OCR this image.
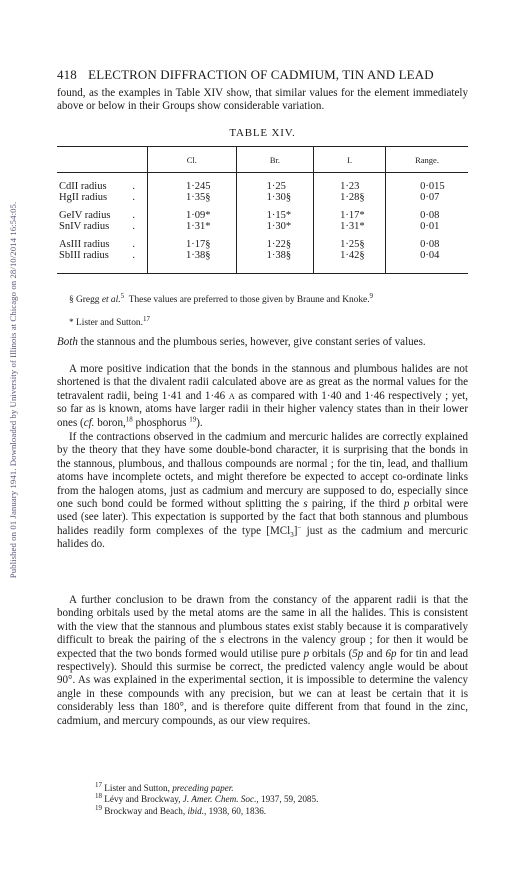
Published on 01 January 1941. Downloaded by University of Illinois at Chicago on 28/10/2014 16:54:05.
418 ELECTRON DIFFRACTION OF CADMIUM, TIN AND LEAD
found, as the examples in Table XIV show, that similar values for the element immediately above or below in their Groups show considerable variation.
TABLE XIV.
	Cl.	Br.	I.	Range.

CdII radius .	1·245	1·25	1·23	0·015
HgII radius .	1·35§	1·30§	1·28§	0·07

GeIV radius .	1·09*	1·15*	1·17*	0·08
SnIV radius .	1·31*	1·30*	1·31*	0·01

AsIII radius .	1·17§	1·22§	1·25§	0·08
SbIII radius .	1·38§	1·38§	1·42§	0·04

§ Gregg et al.$^5$ These values are preferred to those given by Braune and Knoke.$^9$
* Lister and Sutton.$^{17}$
Both the stannous and the plumbous series, however, give constant series of values.
A more positive indication that the bonds in the stannous and plumbous halides are not shortened is that the divalent radii calculated above are as great as the normal values for the tetravalent radii, being 1·41 and 1·46 A as compared with 1·40 and 1·46 respectively ; yet, so far as is known, atoms have larger radii in their higher valency states than in their lower ones (cf. boron,$^{18}$ phosphorus $^{19}$).
If the contractions observed in the cadmium and mercuric halides are correctly explained by the theory that they have some double-bond character, it is surprising that the bonds in the stannous, plumbous, and thallous compounds are normal ; for the tin, lead, and thallium atoms have incomplete octets, and might therefore be expected to accept co-ordinate links from the halogen atoms, just as cadmium and mercury are supposed to do, especially since one such bond could be formed without splitting the s pairing, if the third p orbital were used (see later). This expectation is supported by the fact that both stannous and plumbous halides readily form complexes of the type [MCl$_3$]− just as the cadmium and mercuric halides do.
A further conclusion to be drawn from the constancy of the apparent radii is that the bonding orbitals used by the metal atoms are the same in all the halides. This is consistent with the view that the stannous and plumbous states exist stably because it is comparatively difficult to break the pairing of the s electrons in the valency group ; for then it would be expected that the two bonds formed would utilise pure p orbitals (5p and 6p for tin and lead respectively). Should this surmise be correct, the predicted valency angle would be about 90°. As was explained in the experimental section, it is impossible to determine the valency angle in these compounds with any precision, but we can at least be certain that it is considerably less than 180°, and is therefore quite different from that found in the zinc, cadmium, and mercury compounds, as our view requires.
$^{17}$ Lister and Sutton, preceding paper.
$^{18}$ Lévy and Brockway, J. Amer. Chem. Soc., 1937, 59, 2085.
$^{19}$ Brockway and Beach, ibid., 1938, 60, 1836.
